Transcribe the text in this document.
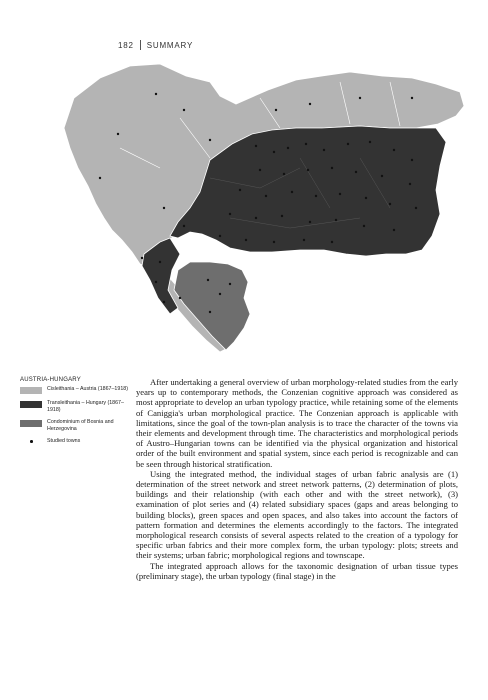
182 SUMMARY
AUSTRIA-HUNGARY
Cisleithania – Austria (1867–1918)
Transleithania – Hungary (1867–1918)
Condominium of Bosnia and Herzegovina
Studied towns

After undertaking a general overview of urban morphology-related studies from the early years up to contemporary methods, the Conzenian cognitive approach was considered as most appropriate to develop an urban typology practice, while retaining some of the elements of Caniggia's urban morphological practice. The Conzenian approach is applicable with limitations, since the goal of the town-plan analysis is to trace the character of the towns via their elements and development through time. The characteristics and morphological periods of Austro–Hungarian towns can be identified via the physical organization and historical order of the built environment and spatial system, since each period is recognizable and can be seen through historical stratification.

Using the integrated method, the individual stages of urban fabric analysis are (1) determination of the street network and street network patterns, (2) determination of plots, buildings and their relationship (with each other and with the street network), (3) examination of plot series and (4) related subsidiary spaces (gaps and areas belonging to building blocks), green spaces and open spaces, and also takes into account the factors of pattern formation and determines the elements accordingly to the factors. The integrated morphological research consists of several aspects related to the creation of a typology for specific urban fabrics and their more complex form, the urban typology: plots; streets and their systems; urban fabric; morphological regions and townscape.

The integrated approach allows for the taxonomic designation of urban tissue types (preliminary stage), the urban typology (final stage) in the
